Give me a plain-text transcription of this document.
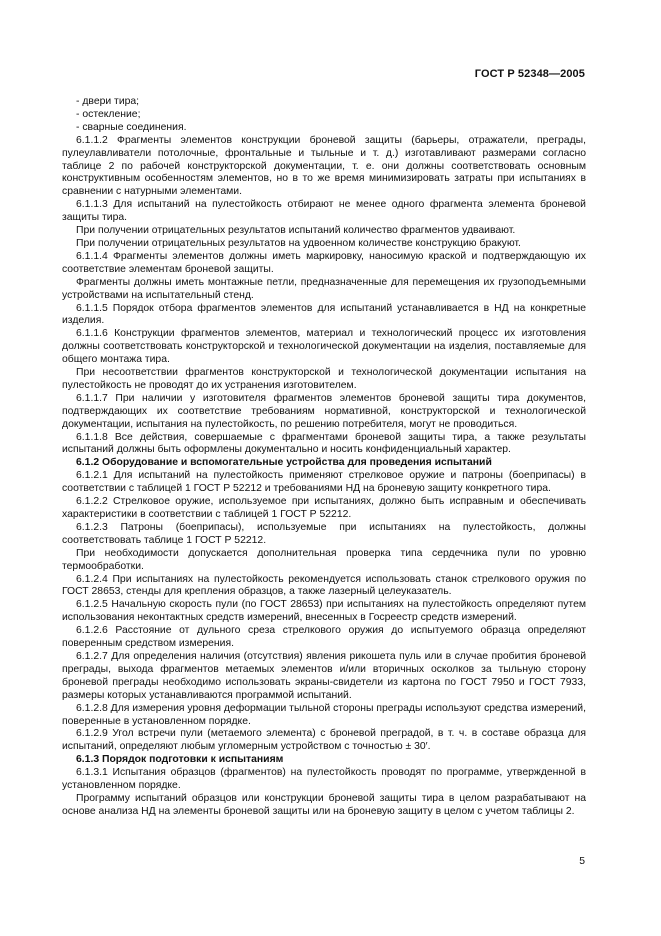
ГОСТ Р 52348—2005

- двери тира;

- остекление;

- сварные соединения.

6.1.1.2 Фрагменты элементов конструкции броневой защиты (барьеры, отражатели, преграды, пулеулавливатели потолочные, фронтальные и тыльные и т. д.) изготавливают размерами согласно таблице 2 по рабочей конструкторской документации, т. е. они должны соответствовать основным конструктивным особенностям элементов, но в то же время минимизировать затраты при испытаниях в сравнении с натурными элементами.

6.1.1.3 Для испытаний на пулестойкость отбирают не менее одного фрагмента элемента броневой защиты тира.

При получении отрицательных результатов испытаний количество фрагментов удваивают.

При получении отрицательных результатов на удвоенном количестве конструкцию бракуют.

6.1.1.4 Фрагменты элементов должны иметь маркировку, наносимую краской и подтверждающую их соответствие элементам броневой защиты.

Фрагменты должны иметь монтажные петли, предназначенные для перемещения их грузоподъемными устройствами на испытательный стенд.

6.1.1.5 Порядок отбора фрагментов элементов для испытаний устанавливается в НД на конкретные изделия.

6.1.1.6 Конструкции фрагментов элементов, материал и технологический процесс их изготовления должны соответствовать конструкторской и технологической документации на изделия, поставляемые для общего монтажа тира.

При несоответствии фрагментов конструкторской и технологической документации испытания на пулестойкость не проводят до их устранения изготовителем.

6.1.1.7 При наличии у изготовителя фрагментов элементов броневой защиты тира документов, подтверждающих их соответствие требованиям нормативной, конструкторской и технологической документации, испытания на пулестойкость, по решению потребителя, могут не проводиться.

6.1.1.8 Все действия, совершаемые с фрагментами броневой защиты тира, а также результаты испытаний должны быть оформлены документально и носить конфиденциальный характер.

6.1.2 Оборудование и вспомогательные устройства для проведения испытаний

6.1.2.1 Для испытаний на пулестойкость применяют стрелковое оружие и патроны (боеприпасы) в соответствии с таблицей 1 ГОСТ Р 52212 и требованиями НД на броневую защиту конкретного тира.

6.1.2.2 Стрелковое оружие, используемое при испытаниях, должно быть исправным и обеспечивать характеристики в соответствии с таблицей 1 ГОСТ Р 52212.

6.1.2.3 Патроны (боеприпасы), используемые при испытаниях на пулестойкость, должны соответствовать таблице 1 ГОСТ Р 52212.

При необходимости допускается дополнительная проверка типа сердечника пули по уровню термообработки.

6.1.2.4 При испытаниях на пулестойкость рекомендуется использовать станок стрелкового оружия по ГОСТ 28653, стенды для крепления образцов, а также лазерный целеуказатель.

6.1.2.5 Начальную скорость пули (по ГОСТ 28653) при испытаниях на пулестойкость определяют путем использования неконтактных средств измерений, внесенных в Госреестр средств измерений.

6.1.2.6 Расстояние от дульного среза стрелкового оружия до испытуемого образца определяют поверенным средством измерения.

6.1.2.7 Для определения наличия (отсутствия) явления рикошета пуль или в случае пробития броневой преграды, выхода фрагментов метаемых элементов и/или вторичных осколков за тыльную сторону броневой преграды необходимо использовать экраны-свидетели из картона по ГОСТ 7950 и ГОСТ 7933, размеры которых устанавливаются программой испытаний.

6.1.2.8 Для измерения уровня деформации тыльной стороны преграды используют средства измерений, поверенные в установленном порядке.

6.1.2.9 Угол встречи пули (метаемого элемента) с броневой преградой, в т. ч. в составе образца для испытаний, определяют любым угломерным устройством с точностью ± 30′.

6.1.3 Порядок подготовки к испытаниям

6.1.3.1 Испытания образцов (фрагментов) на пулестойкость проводят по программе, утвержденной в установленном порядке.

Программу испытаний образцов или конструкции броневой защиты тира в целом разрабатывают на основе анализа НД на элементы броневой защиты или на броневую защиту в целом с учетом таблицы 2.

5
